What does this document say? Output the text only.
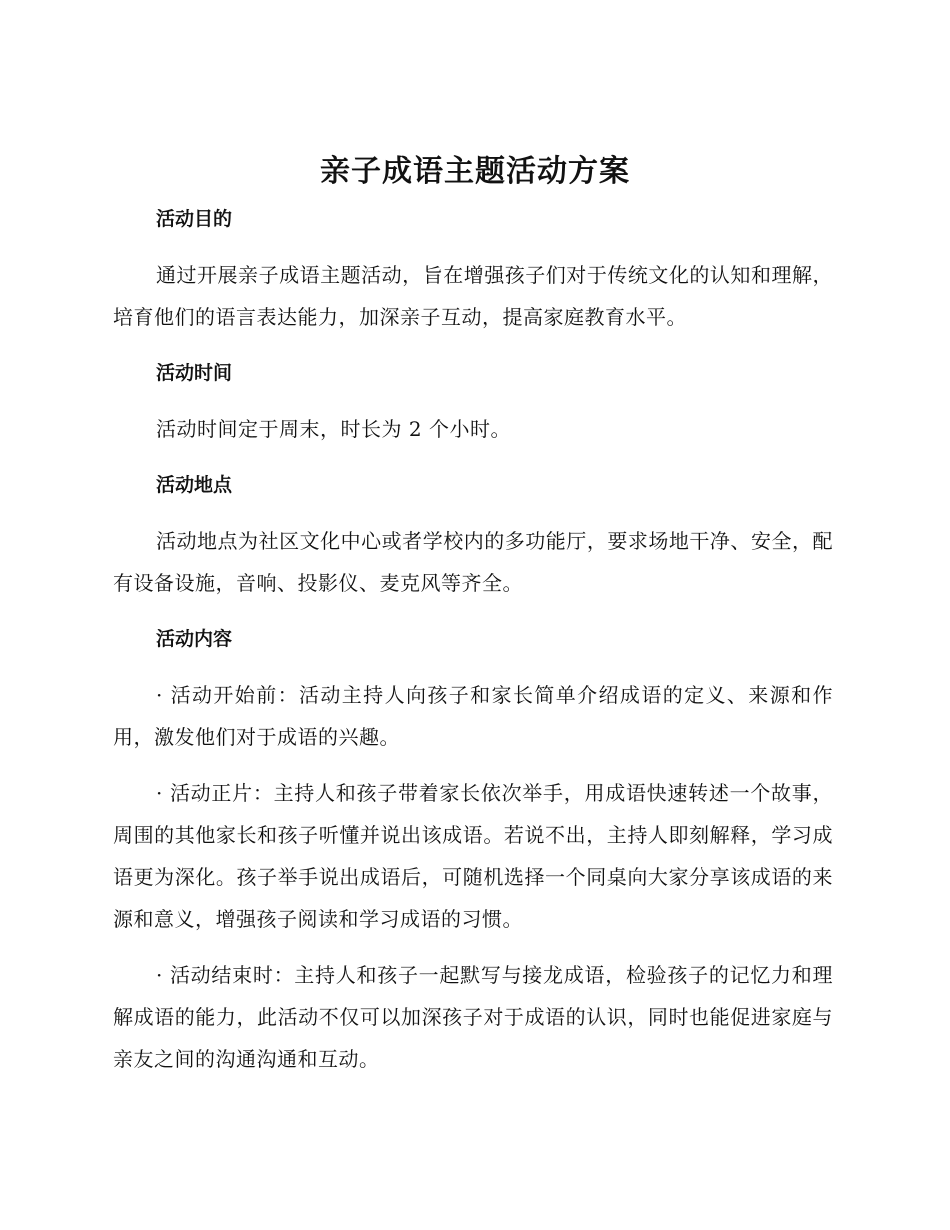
亲子成语主题活动方案
活动目的

通过开展亲子成语主题活动，旨在增强孩子们对于传统文化的认知和理解，培育他们的语言表达能力，加深亲子互动，提高家庭教育水平。

活动时间

活动时间定于周末，时长为 2 个小时。

活动地点

活动地点为社区文化中心或者学校内的多功能厅，要求场地干净、安全，配有设备设施，音响、投影仪、麦克风等齐全。

活动内容

· 活动开始前：活动主持人向孩子和家长简单介绍成语的定义、来源和作用，激发他们对于成语的兴趣。

· 活动正片：主持人和孩子带着家长依次举手，用成语快速转述一个故事，周围的其他家长和孩子听懂并说出该成语。若说不出，主持人即刻解释，学习成语更为深化。孩子举手说出成语后，可随机选择一个同桌向大家分享该成语的来源和意义，增强孩子阅读和学习成语的习惯。

· 活动结束时：主持人和孩子一起默写与接龙成语，检验孩子的记忆力和理解成语的能力，此活动不仅可以加深孩子对于成语的认识，同时也能促进家庭与亲友之间的沟通沟通和互动。
